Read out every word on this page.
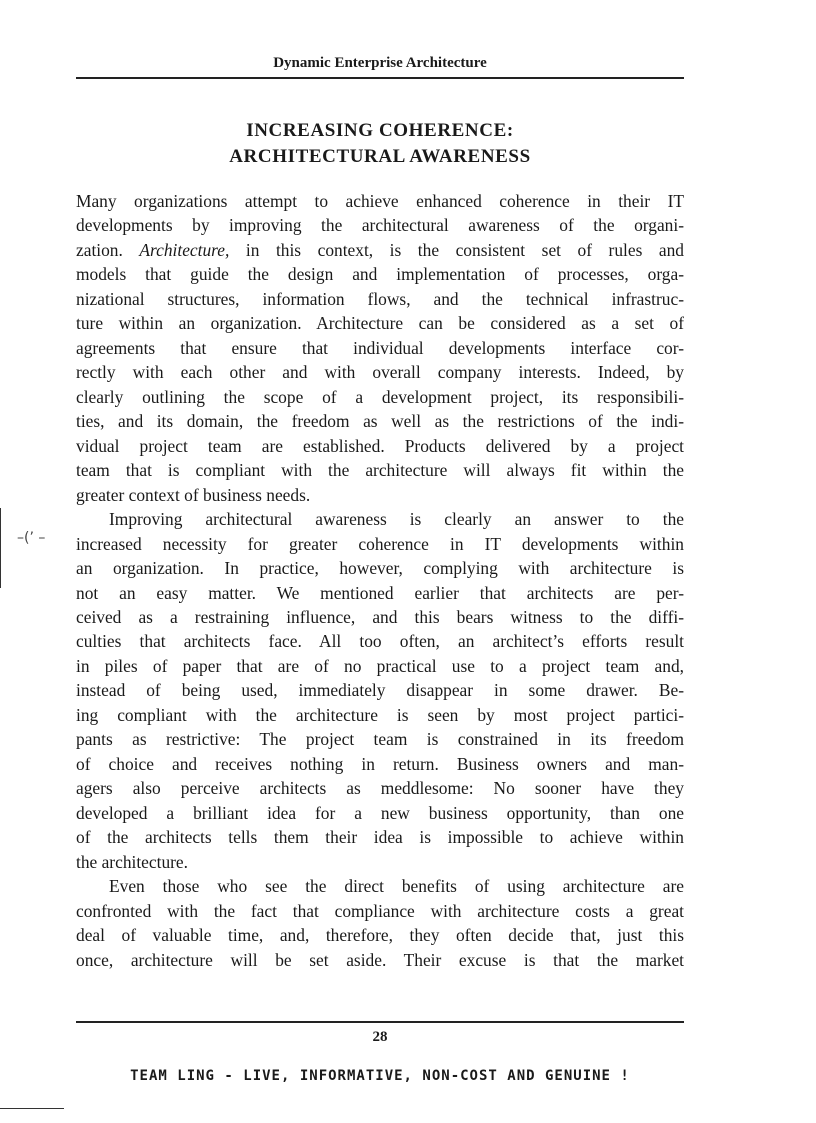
Dynamic Enterprise Architecture
INCREASING COHERENCE:
ARCHITECTURAL AWARENESS
Many organizations attempt to achieve enhanced coherence in their IT
developments by improving the architectural awareness of the organi-
zation. Architecture, in this context, is the consistent set of rules and
models that guide the design and implementation of processes, orga-
nizational structures, information flows, and the technical infrastruc-
ture within an organization. Architecture can be considered as a set of
agreements that ensure that individual developments interface cor-
rectly with each other and with overall company interests. Indeed, by
clearly outlining the scope of a development project, its responsibili-
ties, and its domain, the freedom as well as the restrictions of the indi-
vidual project team are established. Products delivered by a project
team that is compliant with the architecture will always fit within the
greater context of business needs.
Improving architectural awareness is clearly an answer to the
increased necessity for greater coherence in IT developments within
an organization. In practice, however, complying with architecture is
not an easy matter. We mentioned earlier that architects are per-
ceived as a restraining influence, and this bears witness to the diffi-
culties that architects face. All too often, an architect’s efforts result
in piles of paper that are of no practical use to a project team and,
instead of being used, immediately disappear in some drawer. Be-
ing compliant with the architecture is seen by most project partici-
pants as restrictive: The project team is constrained in its freedom
of choice and receives nothing in return. Business owners and man-
agers also perceive architects as meddlesome: No sooner have they
developed a brilliant idea for a new business opportunity, than one
of the architects tells them their idea is impossible to achieve within
the architecture.
Even those who see the direct benefits of using architecture are
confronted with the fact that compliance with architecture costs a great
deal of valuable time, and, therefore, they often decide that, just this
once, architecture will be set aside. Their excuse is that the market
28
TEAM LING - LIVE, INFORMATIVE, NON-COST AND GENUINE !
–(’ –
